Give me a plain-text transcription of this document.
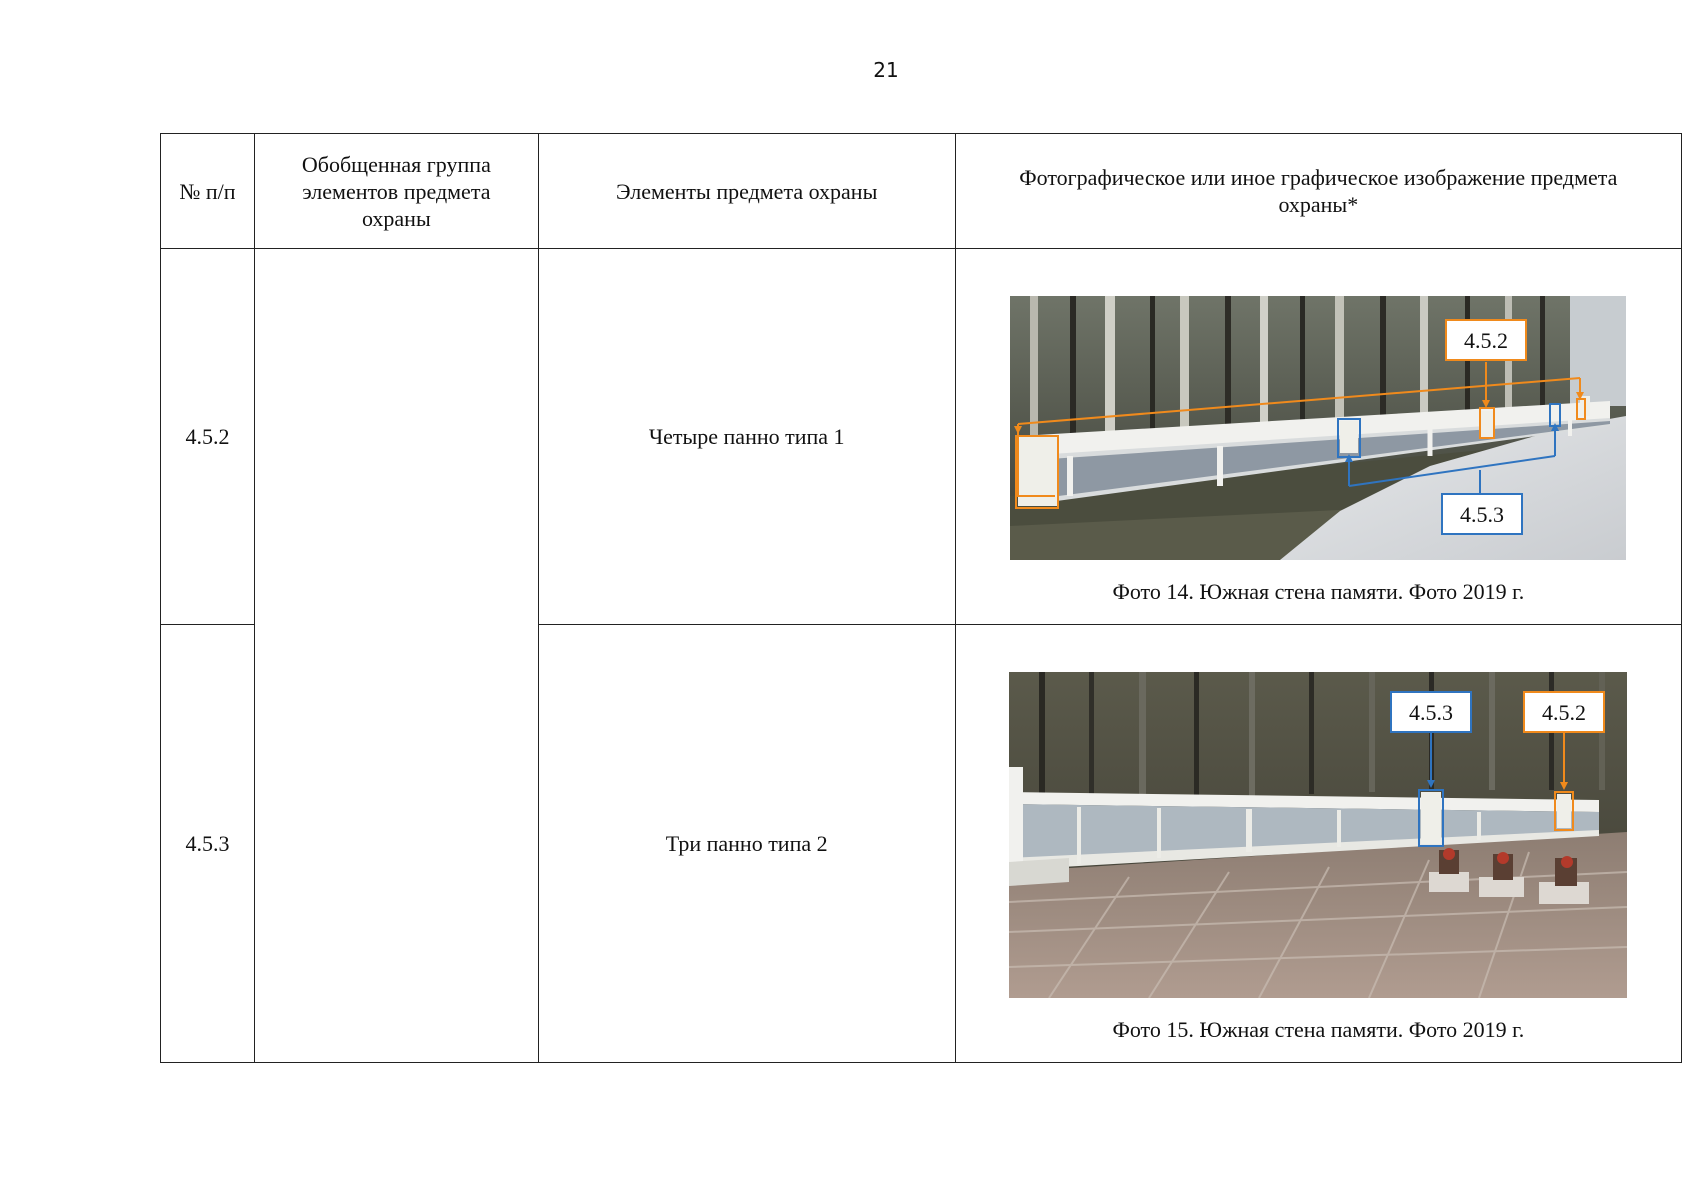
21
№ п/п	Обобщенная группа элементов предмета охраны	Элементы предмета охраны	Фотографическое или иное графическое изображение предмета охраны*
4.5.2		Четыре панно типа 1	4.5.2
4.5.3
Фото 14. Южная стена памяти. Фото 2019 г.

4.5.3		Три панно типа 2	4.5.3 4.5.2
Фото 15. Южная стена памяти. Фото 2019 г.
